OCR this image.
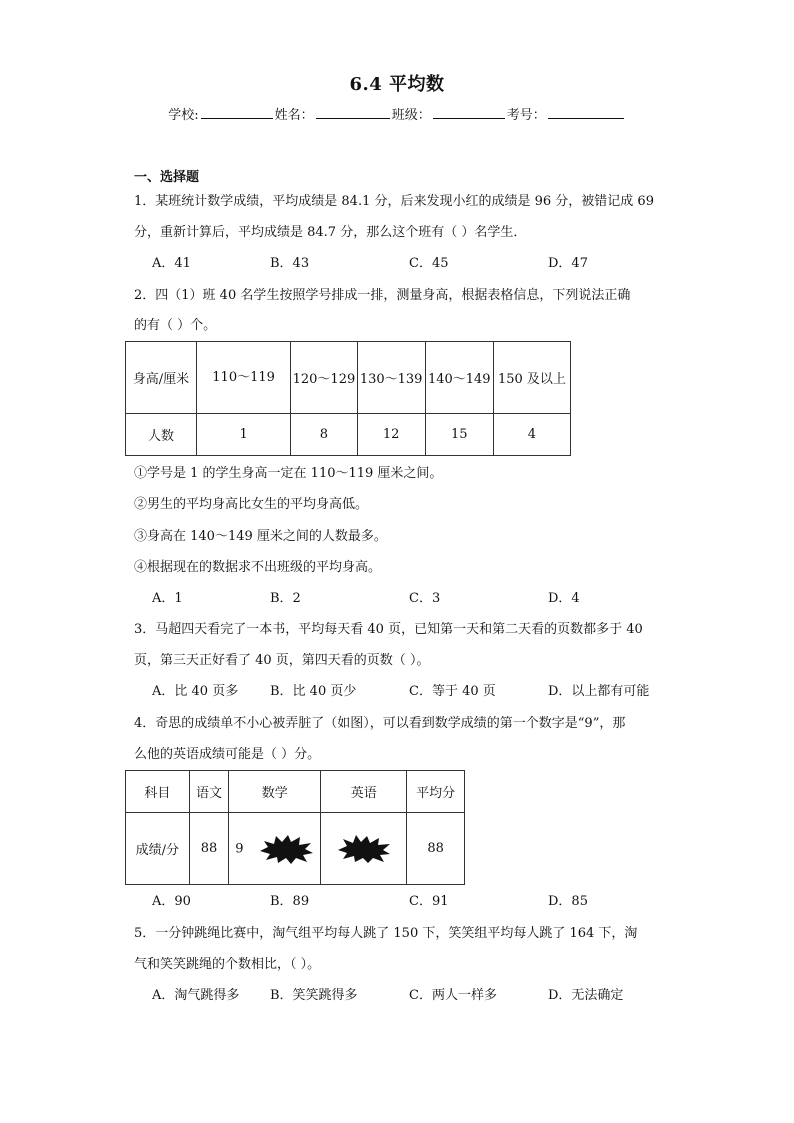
6.4 平均数
学校:	姓名：	班级：	考号：
一、选择题
1．某班统计数学成绩，平均成绩是 84.1 分，后来发现小红的成绩是 96 分，被错记成 69
分，重新计算后，平均成绩是 84.7 分，那么这个班有（ ）名学生．
A．41	B．43	C．45	D．47
2．四（1）班 40 名学生按照学号排成一排，测量身高，根据表格信息，下列说法正确
的有（ ）个。
身高/厘米	110～119	120～129	130～139	140～149	150 及以上
人数	1	8	12	15	4
①学号是 1 的学生身高一定在 110～119 厘米之间。
②男生的平均身高比女生的平均身高低。
③身高在 140～149 厘米之间的人数最多。
④根据现在的数据求不出班级的平均身高。
A．1	B．2	C．3	D．4
3．马超四天看完了一本书，平均每天看 40 页，已知第一天和第二天看的页数都多于 40
页，第三天正好看了 40 页，第四天看的页数（ ）。
A．比 40 页多 B．比 40 页少	C．等于 40 页	D．以上都有可能
4．奇思的成绩单不小心被弄脏了（如图），可以看到数学成绩的第一个数字是“9”，那
么他的英语成绩可能是（ ）分。
科目	语文	数学	英语	平均分
成绩/分	88	9		88
A．90	B．89	C．91	D．85
5．一分钟跳绳比赛中，淘气组平均每人跳了 150 下，笑笑组平均每人跳了 164 下，淘
气和笑笑跳绳的个数相比，（ ）。
A．淘气跳得多 B．笑笑跳得多	C．两人一样多	D．无法确定
